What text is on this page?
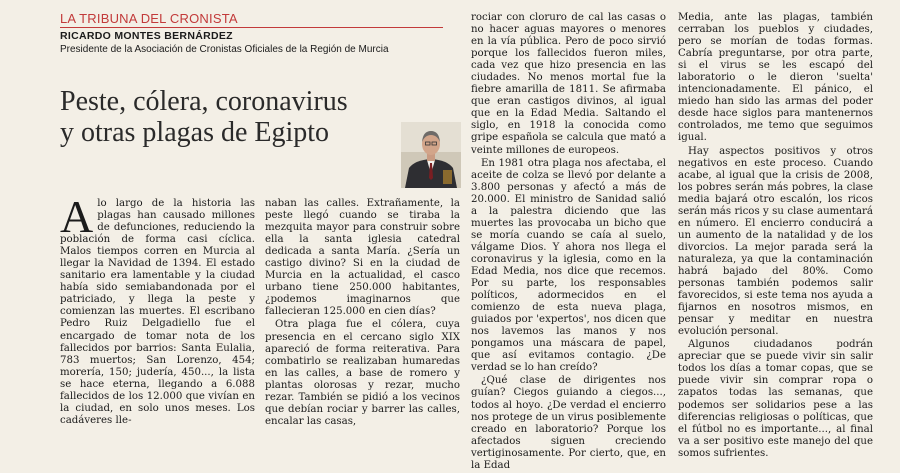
LA TRIBUNA DEL CRONISTA
RICARDO MONTES BERNÁRDEZ
Presidente de la Asociación de Cronistas Oficiales de la Región de Murcia
Peste, cólera, coronavirus
y otras plagas de Egipto

Alo largo de la historia las plagas han causado millones de defunciones, reduciendo la población de forma casi cíclica. Malos tiempos corren en Murcia al llegar la Navidad de 1394. El estado sanitario era lamentable y la ciudad había sido semiabandonada por el patriciado, y llega la peste y comienzan las muertes. El escribano Pedro Ruiz Delgadiello fue el encargado de tomar nota de los fallecidos por barrios: Santa Eulalia, 783 muertos; San Lorenzo, 454; morería, 150; judería, 450..., la lista se hace eterna, llegando a 6.088 fallecidos de los 12.000 que vivían en la ciudad, en solo unos meses. Los cadáveres lle-

naban las calles. Extrañamente, la peste llegó cuando se tiraba la mezquita mayor para construir sobre ella la santa iglesia catedral dedicada a santa María. ¿Sería un castigo divino? Si en la ciudad de Murcia en la actualidad, el casco urbano tiene 250.000 habitantes, ¿podemos imaginarnos que fallecieran 125.000 en cien días?

Otra plaga fue el cólera, cuya presencia en el cercano siglo XIX apareció de forma reiterativa. Para combatirlo se realizaban humaredas en las calles, a base de romero y plantas olorosas y rezar, mucho rezar. También se pidió a los vecinos que debían rociar y barrer las calles, encalar las casas,

rociar con cloruro de cal las casas o no hacer aguas mayores o menores en la vía pública. Pero de poco sirvió porque los fallecidos fueron miles, cada vez que hizo presencia en las ciudades. No menos mortal fue la fiebre amarilla de 1811. Se afirmaba que eran castigos divinos, al igual que en la Edad Media. Saltando el siglo, en 1918 la conocida como gripe española se calcula que mató a veinte millones de europeos.

En 1981 otra plaga nos afectaba, el aceite de colza se llevó por delante a 3.800 personas y afectó a más de 20.000. El ministro de Sanidad salió a la palestra diciendo que las muertes las provocaba un bicho que se moría cuando se caía al suelo, válgame Dios. Y ahora nos llega el coronavirus y la iglesia, como en la Edad Media, nos dice que recemos. Por su parte, los responsables políticos, adormecidos en el comienzo de esta nueva plaga, guiados por 'expertos', nos dicen que nos lavemos las manos y nos pongamos una máscara de papel, que así evitamos contagio. ¿De verdad se lo han creído?

¿Qué clase de dirigentes nos guían? Ciegos guiando a ciegos..., todos al hoyo. ¿De verdad el encierro nos protege de un virus posiblemente creado en laboratorio? Porque los afectados siguen creciendo vertiginosamente. Por cierto, que, en la Edad

Media, ante las plagas, también cerraban los pueblos y ciudades, pero se morían de todas formas. Cabría preguntarse, por otra parte, si el virus se les escapó del laboratorio o le dieron 'suelta' intencionadamente. El pánico, el miedo han sido las armas del poder desde hace siglos para mantenernos controlados, me temo que seguimos igual.

Hay aspectos positivos y otros negativos en este proceso. Cuando acabe, al igual que la crisis de 2008, los pobres serán más pobres, la clase media bajará otro escalón, los ricos serán más ricos y su clase aumentará en número. El encierro conducirá a un aumento de la natalidad y de los divorcios. La mejor parada será la naturaleza, ya que la contaminación habrá bajado del 80%. Como personas también podemos salir favorecidos, si este tema nos ayuda a fijarnos en nosotros mismos, en pensar y meditar en nuestra evolución personal.

Algunos ciudadanos podrán apreciar que se puede vivir sin salir todos los días a tomar copas, que se puede vivir sin comprar ropa o zapatos todas las semanas, que podemos ser solidarios pese a las diferencias religiosas o políticas, que el fútbol no es importante..., al final va a ser positivo este manejo del que somos sufrientes.
